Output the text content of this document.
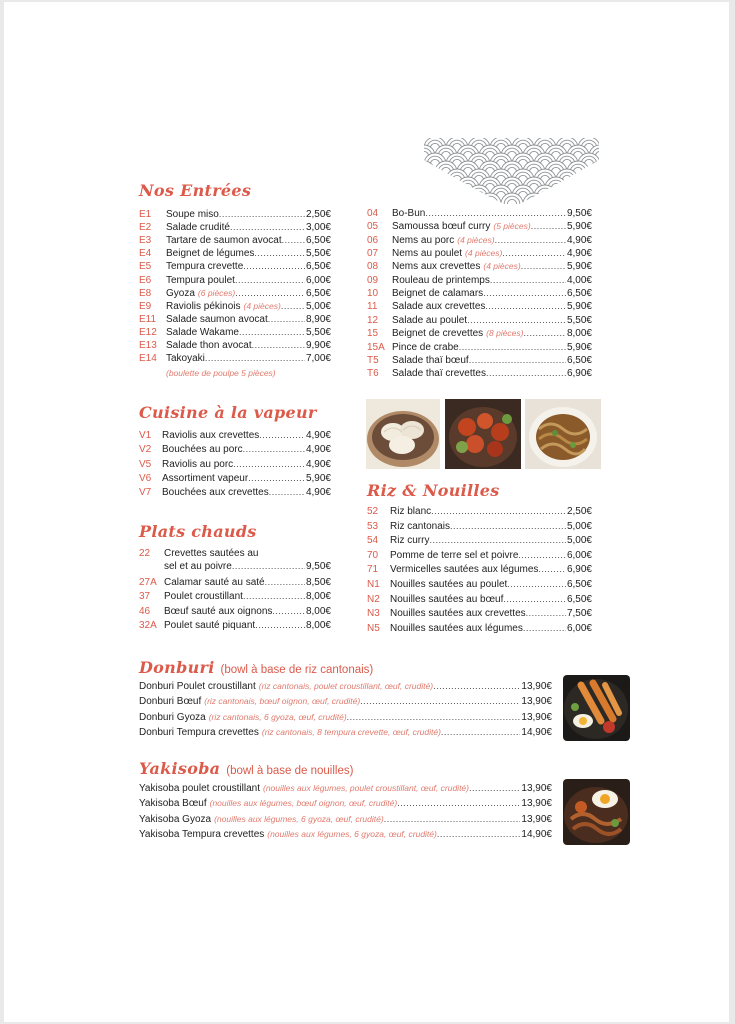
Nos Entrées
Cuisine à la vapeur
Plats chauds
Riz & Nouilles
Donburi (bowl à base de riz cantonais)
Yakisoba (bowl à base de nouilles)
E1	Soupe miso .....	2,50€
E2	Salade crudité .....	3,00€
E3	Tartare de saumon avocat ..... 6,50€
E4	Beignet de légumes .....	5,50€
E5	Tempura crevette .....	6,50€
E6	Tempura poulet .....	6,00€
E8	Gyoza (6 pièces) .....	6,50€
E9	Raviolis pékinois (4 pièces) .....	5,00€
E11 Salade saumon avocat .....	8,90€
E12 Salade Wakame .....	5,50€
E13 Salade thon avocat .....	9,90€
E14 Takoyaki .....	7,00€
(boulette de poulpe 5 pièces)
04	Bo-Bun .....	9,50€
05	Samoussa bœuf curry (5 pièces) .....	5,90€
06	Nems au porc (4 pièces) .....	4,90€
07	Nems au poulet (4 pièces) .....	4,90€
08	Nems aux crevettes (4 pièces) .....	5,90€
09	Rouleau de printemps .....	4,00€
10	Beignet de calamars .....	6,50€
11	Salade aux crevettes .....	5,90€
12	Salade au poulet .....	5,50€
15	Beignet de crevettes (8 pièces) .....	8,00€
15A Pince de crabe .....	5,90€
T5	Salade thaï bœuf .....	6,50€
T6	Salade thaï crevettes .....	6,90€
V1	Raviolis aux crevettes .....	4,90€
V2	Bouchées au porc .....	4,90€
V5	Raviolis au porc .....	4,90€
V6	Assortiment vapeur .....	5,90€
V7	Bouchées aux crevettes .....	4,90€
22	Crevettes sautées au
sel et au poivre .....	9,50€
27A Calamar sauté au saté .....	8,50€
37	Poulet croustillant .....	8,00€
46	Bœuf sauté aux oignons .....	8,00€
32A Poulet sauté piquant .....	8,00€
52	Riz blanc .....	2,50€
53	Riz cantonais .....	5,00€
54	Riz curry .....	5,00€
70	Pomme de terre sel et poivre .....	6,00€
71	Vermicelles sautées aux légumes .....	6,90€
N1	Nouilles sautées au poulet .....	6,50€
N2	Nouilles sautées au bœuf .....	6,50€
N3	Nouilles sautées aux crevettes .....	7,50€
N5	Nouilles sautées aux légumes .....	6,00€
Donburi Poulet croustillant (riz cantonais, poulet croustillant, œuf, crudité) .....	13,90€
Donburi Bœuf (riz cantonais, bœuf oignon, œuf, crudité) .....	13,90€
Donburi Gyoza (riz cantonais, 6 gyoza, œuf, crudité) .....	13,90€
Donburi Tempura crevettes (riz cantonais, 8 tempura crevette, œuf, crudité) .....	14,90€
Yakisoba poulet croustillant (nouilles aux légumes, poulet croustillant, œuf, crudité) .....	13,90€
Yakisoba Bœuf (nouilles aux légumes, bœuf oignon, œuf, crudité) .....	13,90€
Yakisoba Gyoza (nouilles aux légumes, 6 gyoza, œuf, crudité) .....	13,90€
Yakisoba Tempura crevettes (nouilles aux légumes, 6 gyoza, œuf, crudité) .....	14,90€
